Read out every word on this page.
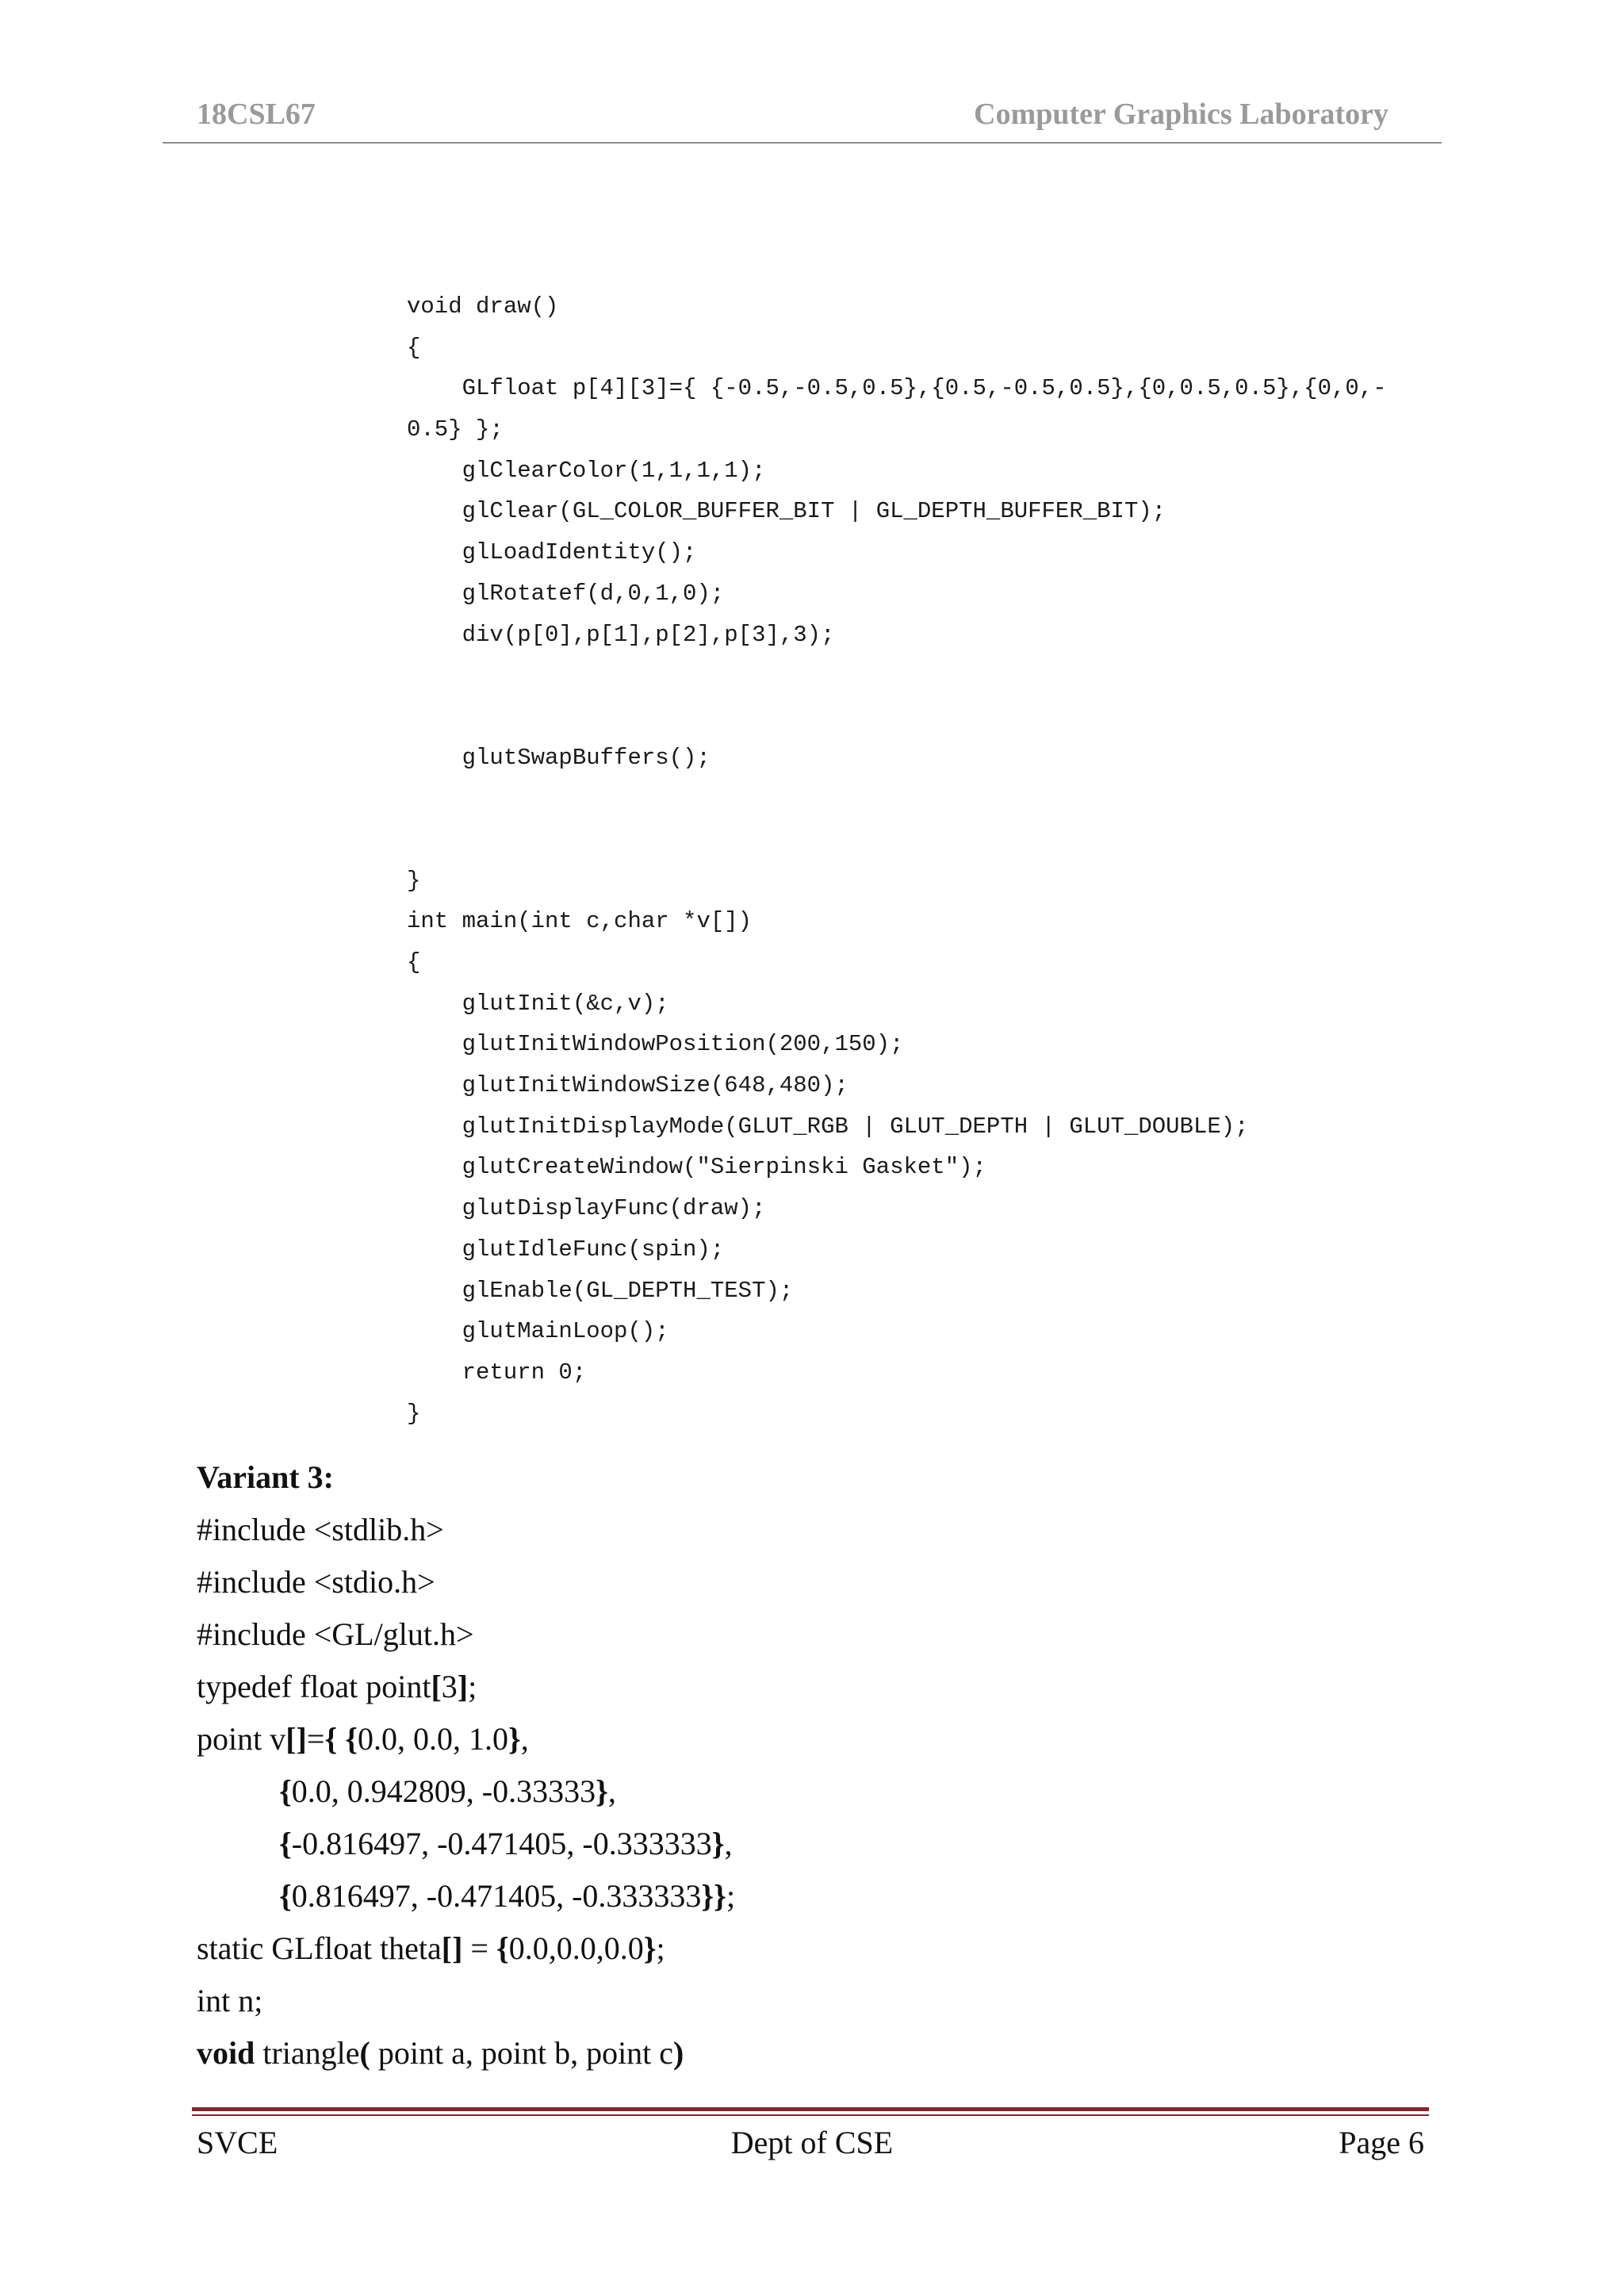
18CSL67	Computer Graphics Laboratory
void draw()
{
GLfloat p[4][3]={ {-0.5,-0.5,0.5},{0.5,-0.5,0.5},{0,0.5,0.5},{0,0,-
0.5} };
glClearColor(1,1,1,1);
glClear(GL_COLOR_BUFFER_BIT | GL_DEPTH_BUFFER_BIT);
glLoadIdentity();
glRotatef(d,0,1,0);
div(p[0],p[1],p[2],p[3],3);
glutSwapBuffers();
}
int main(int c,char *v[])
{
glutInit(&c,v);
glutInitWindowPosition(200,150);
glutInitWindowSize(648,480);
glutInitDisplayMode(GLUT_RGB | GLUT_DEPTH | GLUT_DOUBLE);
glutCreateWindow("Sierpinski Gasket");
glutDisplayFunc(draw);
glutIdleFunc(spin);
glEnable(GL_DEPTH_TEST);
glutMainLoop();
return 0;
}
Variant 3:
#include <stdlib.h>
#include <stdio.h>
#include <GL/glut.h>
typedef float point[3];
point v[]={ {0.0, 0.0, 1.0},
{0.0, 0.942809, -0.33333},
{-0.816497, -0.471405, -0.333333},
{0.816497, -0.471405, -0.333333}};
static GLfloat theta[] = {0.0,0.0,0.0};
int n;
void triangle( point a, point b, point c)
SVCE	Dept of CSE	Page 6
